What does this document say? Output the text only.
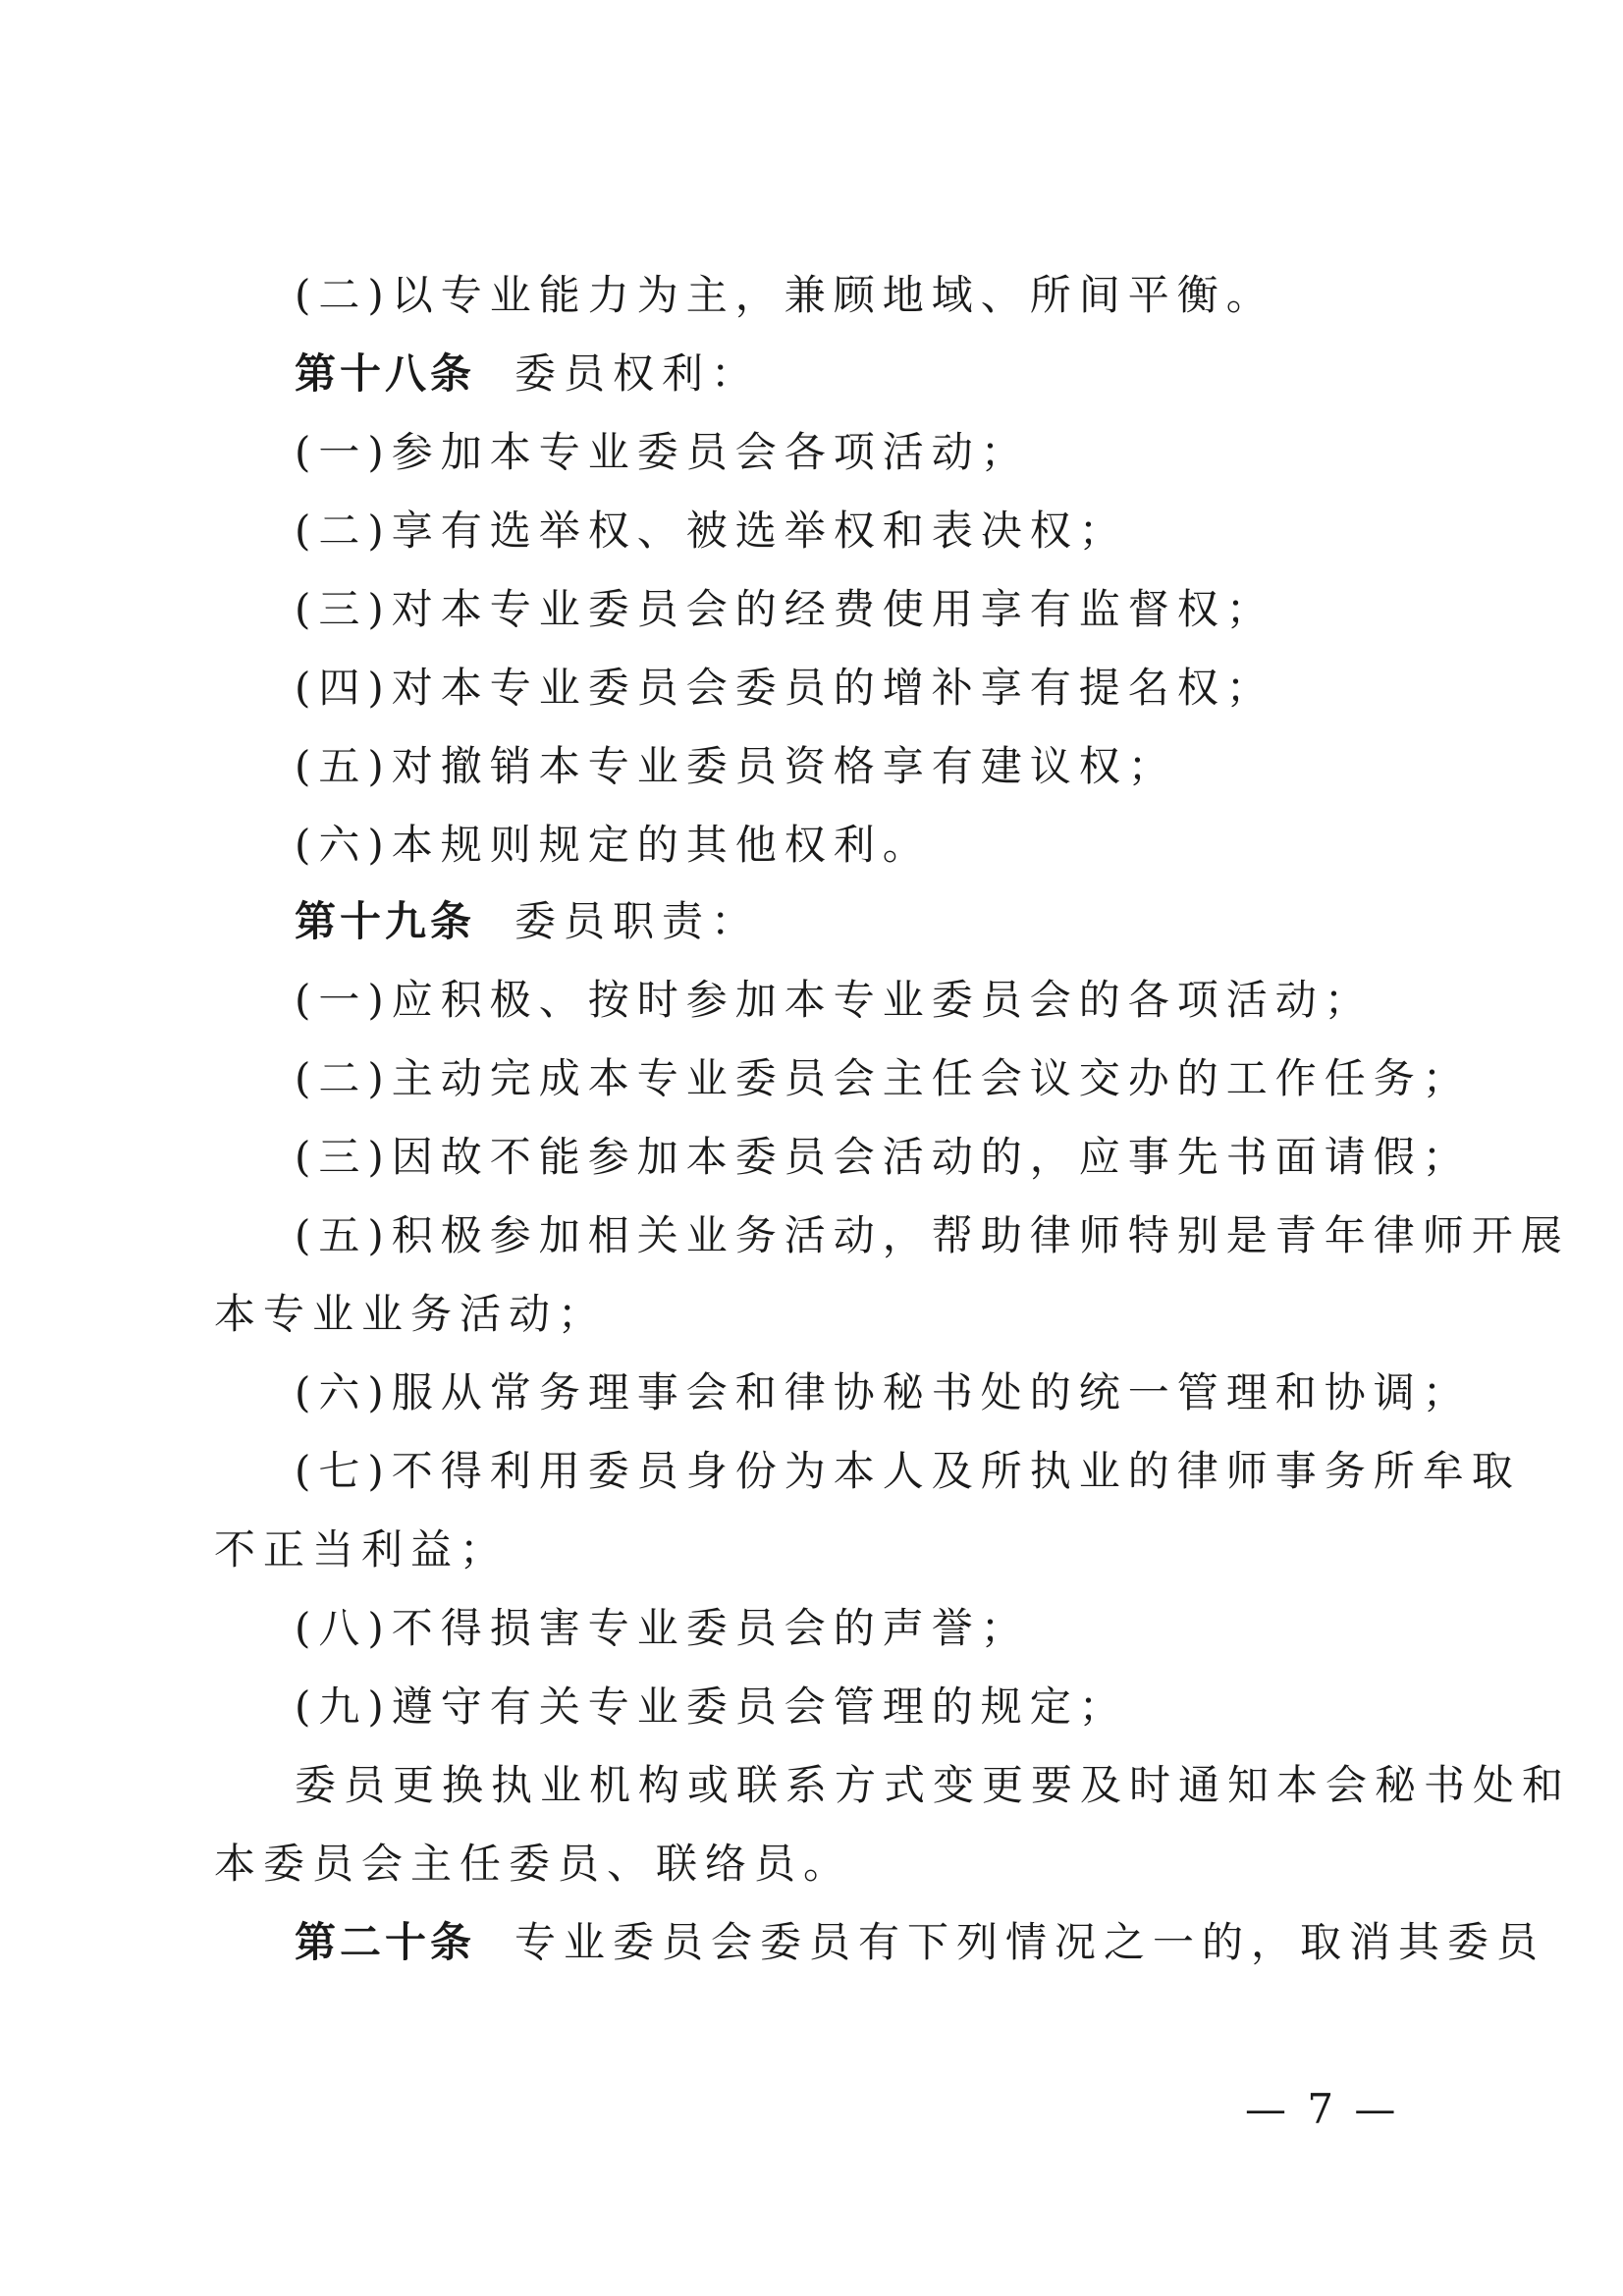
(二)以专业能力为主，兼顾地域、所间平衡。
第十八条 委员权利：
(一)参加本专业委员会各项活动；
(二)享有选举权、被选举权和表决权；
(三)对本专业委员会的经费使用享有监督权；
(四)对本专业委员会委员的增补享有提名权；
(五)对撤销本专业委员资格享有建议权；
(六)本规则规定的其他权利。
第十九条 委员职责：
(一)应积极、按时参加本专业委员会的各项活动；
(二)主动完成本专业委员会主任会议交办的工作任务；
(三)因故不能参加本委员会活动的，应事先书面请假；
(五)积极参加相关业务活动，帮助律师特别是青年律师开展
本专业业务活动；
(六)服从常务理事会和律协秘书处的统一管理和协调；
(七)不得利用委员身份为本人及所执业的律师事务所牟取
不正当利益；
(八)不得损害专业委员会的声誉；
(九)遵守有关专业委员会管理的规定；
委员更换执业机构或联系方式变更要及时通知本会秘书处和
本委员会主任委员、联络员。
第二十条 专业委员会委员有下列情况之一的，取消其委员
— 7 —
